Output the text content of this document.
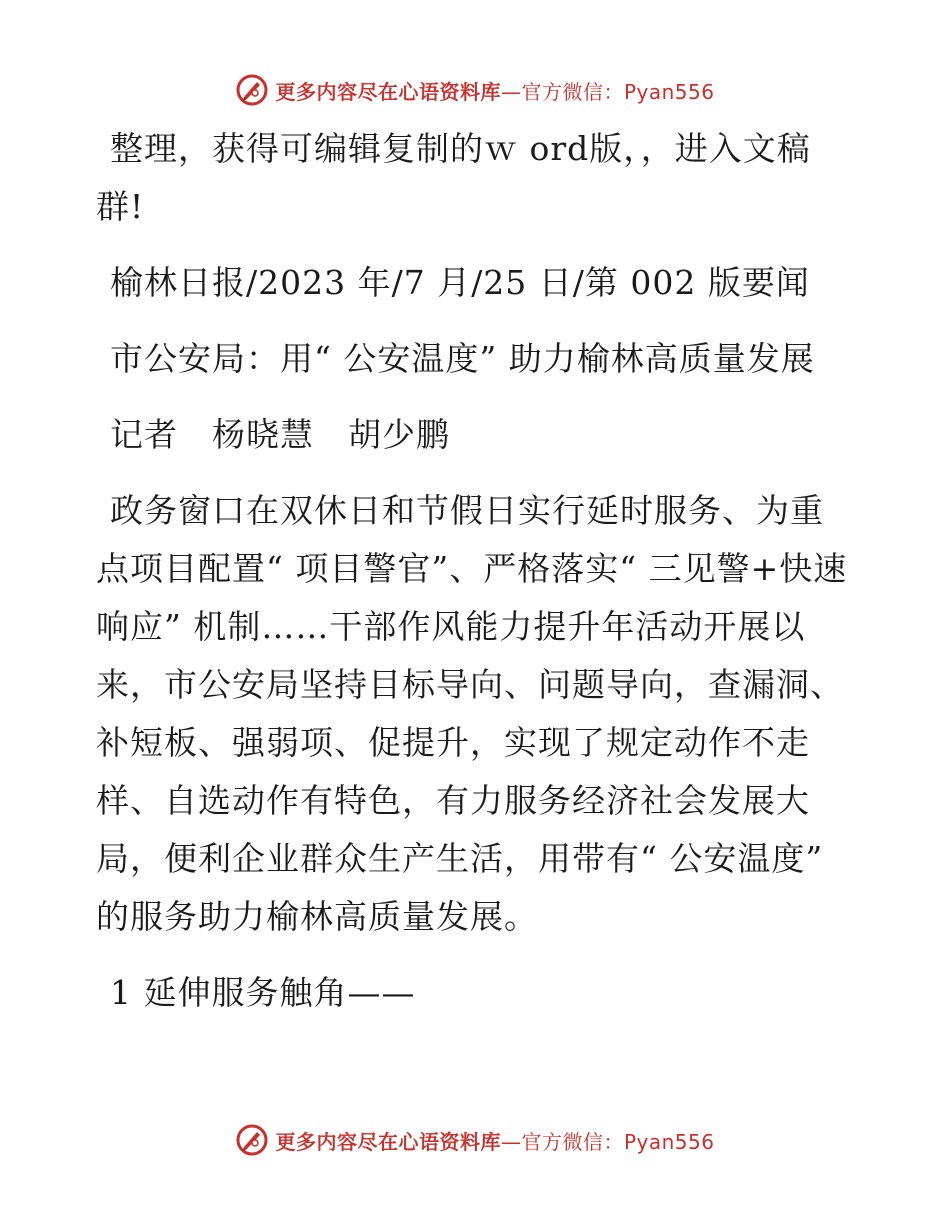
更多内容尽在心语资料库—官方微信：Pyan556

整理，获得可编辑复制的ｗ ord版，，进入文稿群!

榆林日报/2023 年/7 月/25 日/第 002 版要闻

市公安局：用“ 公安温度” 助力榆林高质量发展

记者　杨晓慧　胡少鹏

政务窗口在双休日和节假日实行延时服务、为重点项目配置“ 项目警官”、严格落实“ 三见警+快速响应” 机制……干部作风能力提升年活动开展以来，市公安局坚持目标导向、问题导向，查漏洞、补短板、强弱项、促提升，实现了规定动作不走样、自选动作有特色，有力服务经济社会发展大局，便利企业群众生产生活，用带有“ 公安温度” 的服务助力榆林高质量发展。

1 延伸服务触角——

更多内容尽在心语资料库—官方微信：Pyan556
